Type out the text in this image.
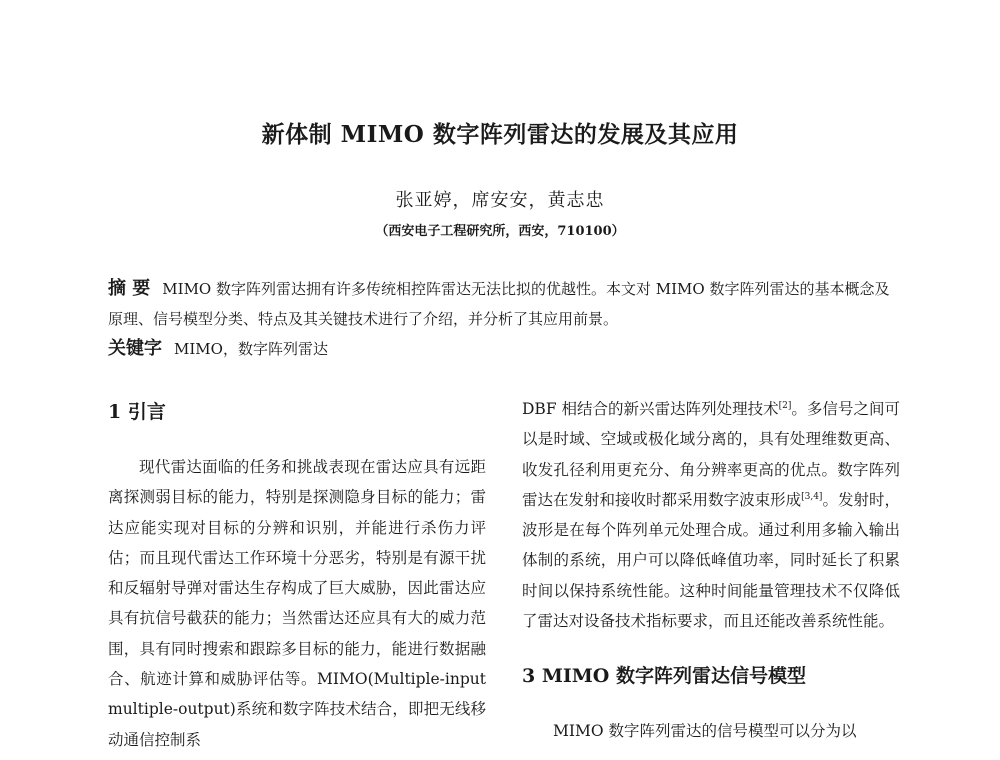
新体制 MIMO 数字阵列雷达的发展及其应用
张亚婷，席安安，黄志忠
（西安电子工程研究所，西安，710100）
摘 要 MIMO 数字阵列雷达拥有许多传统相控阵雷达无法比拟的优越性。本文对 MIMO 数字阵列雷达的基本概念及原理、信号模型分类、特点及其关键技术进行了介绍，并分析了其应用前景。
关键字 MIMO，数字阵列雷达
1 引言

现代雷达面临的任务和挑战表现在雷达应具有远距离探测弱目标的能力，特别是探测隐身目标的能力；雷达应能实现对目标的分辨和识别，并能进行杀伤力评估；而且现代雷达工作环境十分恶劣，特别是有源干扰和反辐射导弹对雷达生存构成了巨大威胁，因此雷达应具有抗信号截获的能力；当然雷达还应具有大的威力范围，具有同时搜索和跟踪多目标的能力，能进行数据融合、航迹计算和威胁评估等。MIMO(Multiple-input multiple-output)系统和数字阵技术结合，即把无线移动通信控制系

DBF 相结合的新兴雷达阵列处理技术[2]。多信号之间可以是时域、空域或极化域分离的，具有处理维数更高、收发孔径利用更充分、角分辨率更高的优点。数字阵列雷达在发射和接收时都采用数字波束形成[3,4]。发射时，波形是在每个阵列单元处理合成。通过利用多输入输出体制的系统，用户可以降低峰值功率，同时延长了积累时间以保持系统性能。这种时间能量管理技术不仅降低了雷达对设备技术指标要求，而且还能改善系统性能。

3 MIMO 数字阵列雷达信号模型

MIMO 数字阵列雷达的信号模型可以分为以
